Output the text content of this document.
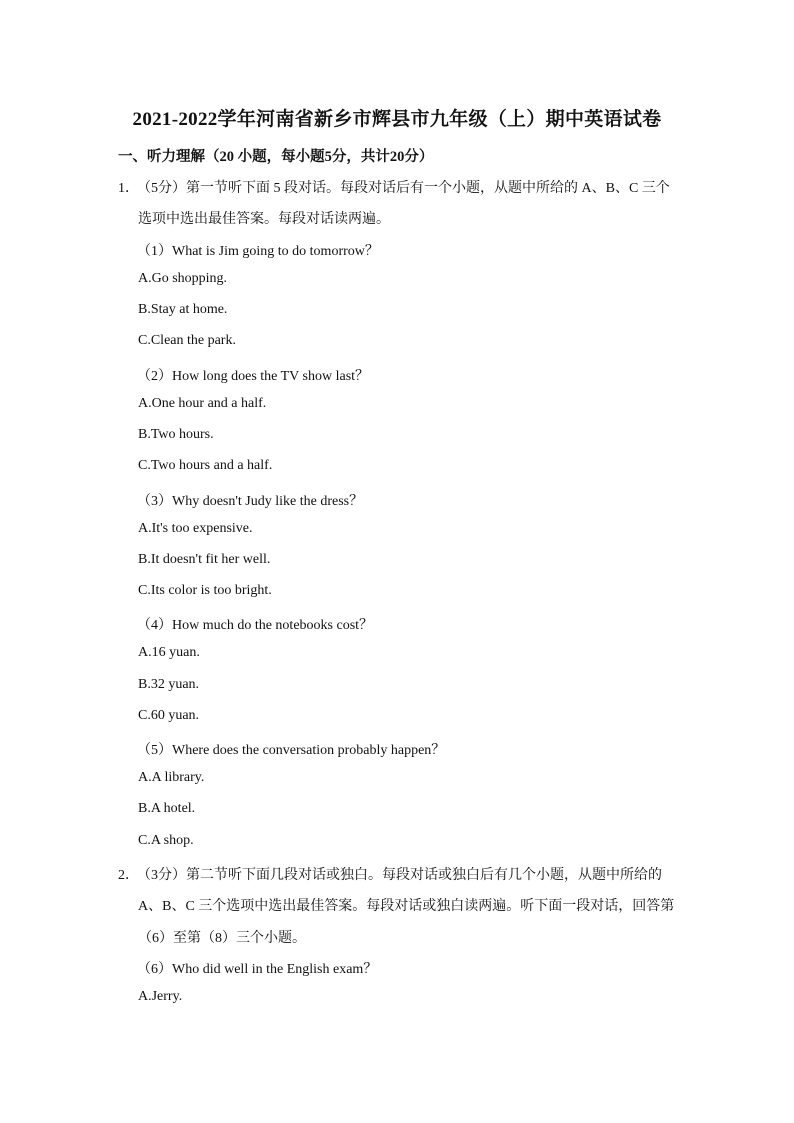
2021-2022学年河南省新乡市辉县市九年级（上）期中英语试卷
一、听力理解（20 小题，每小题5分，共计20分）
1．
（5分）第一节听下面 5 段对话。每段对话后有一个小题，从题中所给的 A、B、C 三个
选项中选出最佳答案。每段对话读两遍。
（1）What is Jim going to do tomorrow？
A.Go shopping.
B.Stay at home.
C.Clean the park.
（2）How long does the TV show last？
A.One hour and a half.
B.Two hours.
C.Two hours and a half.
（3）Why doesn't Judy like the dress？
A.It's too expensive.
B.It doesn't fit her well.
C.Its color is too bright.
（4）How much do the notebooks cost？
A.16 yuan.
B.32 yuan.
C.60 yuan.
（5）Where does the conversation probably happen？
A.A library.
B.A hotel.
C.A shop.
2．
（3分）第二节听下面几段对话或独白。每段对话或独白后有几个小题，从题中所给的
A、B、C 三个选项中选出最佳答案。每段对话或独白读两遍。听下面一段对话，回答第
（6）至第（8）三个小题。
（6）Who did well in the English exam？
A.Jerry.
